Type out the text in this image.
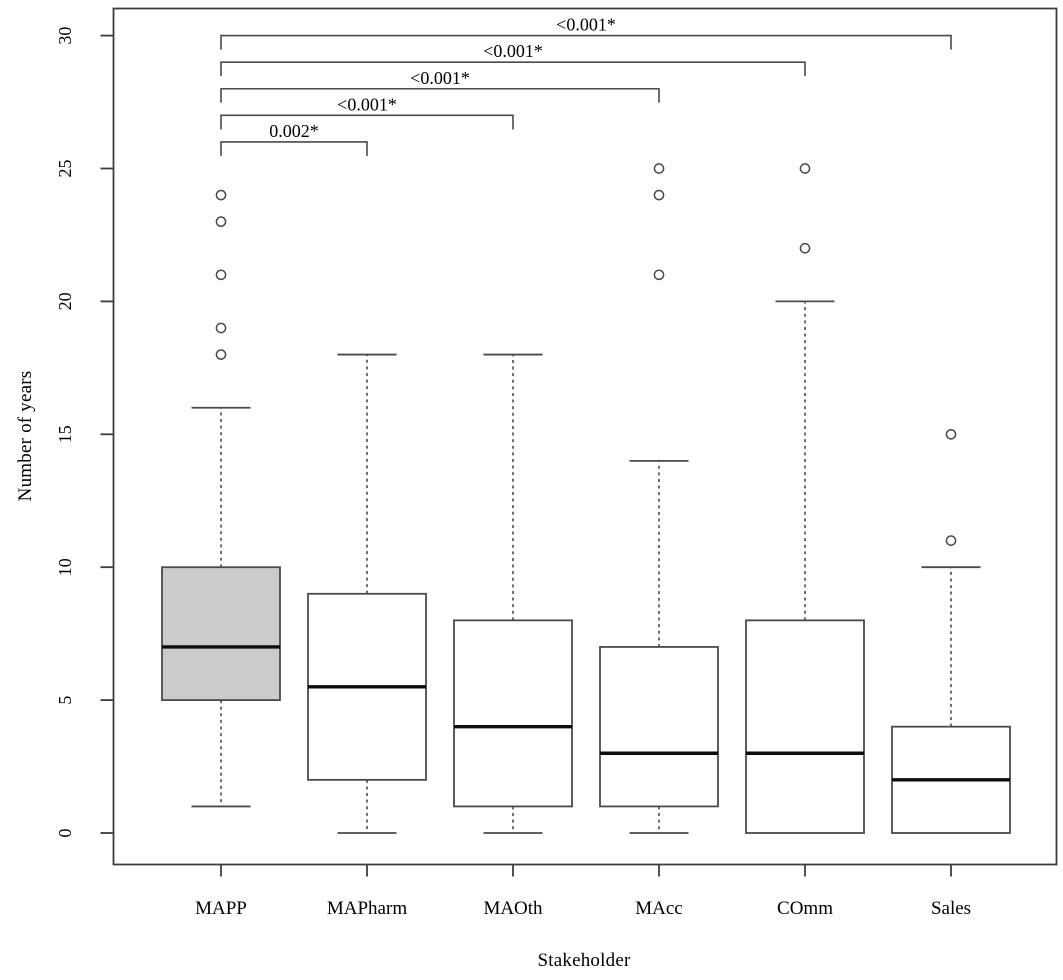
0
5
10
15
20
25
30
MAPP	MAPharm	MAOth	MAcc	COmm	Sales
<0.001*
<0.001*
<0.001*
<0.001*
0.002*
Number of years
Stakeholder
